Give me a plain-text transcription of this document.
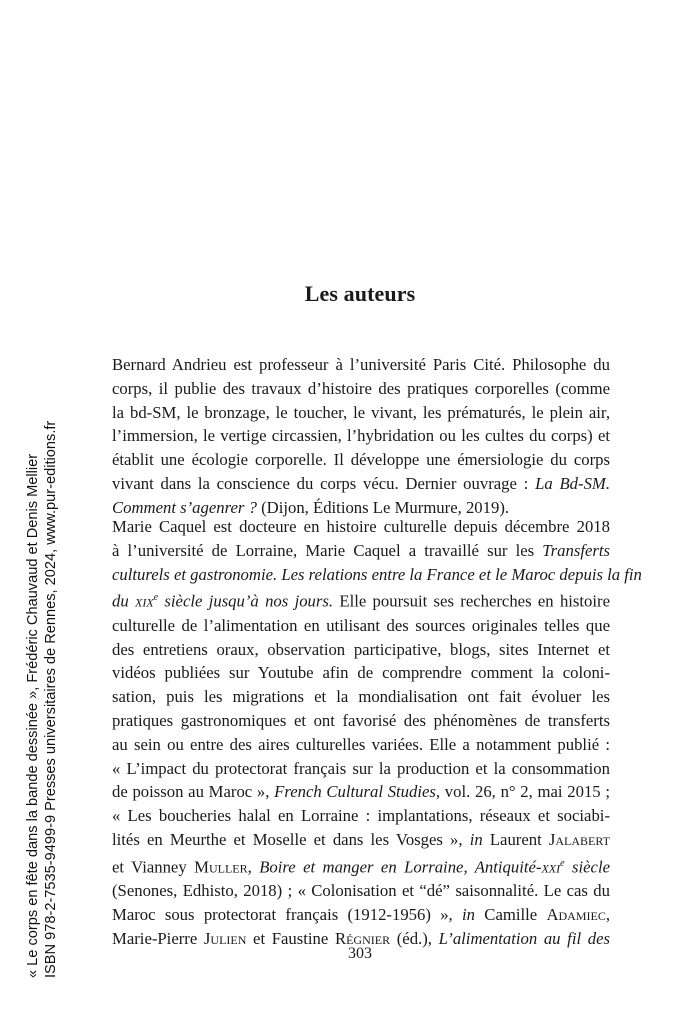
« Le corps en fête dans la bande dessinée », Frédéric Chauvaud et Denis Mellier ISBN 978-2-7535-9499-9 Presses universitaires de Rennes, 2024, www.pur-editions.fr
Les auteurs
Bernard Andrieu est professeur à l’université Paris Cité. Philosophe du
corps, il publie des travaux d’histoire des pratiques corporelles (comme
la bd-SM, le bronzage, le toucher, le vivant, les prématurés, le plein air,
l’immersion, le vertige circassien, l’hybridation ou les cultes du corps) et
établit une écologie corporelle. Il développe une émersiologie du corps
vivant dans la conscience du corps vécu. Dernier ouvrage : La Bd-SM.
Comment s’agenrer ? (Dijon, Éditions Le Murmure, 2019).
Marie Caquel est docteure en histoire culturelle depuis décembre 2018
à l’université de Lorraine, Marie Caquel a travaillé sur les Transferts
culturels et gastronomie. Les relations entre la France et le Maroc depuis la fin
du xix$^e$ siècle jusqu’à nos jours. Elle poursuit ses recherches en histoire
culturelle de l’alimentation en utilisant des sources originales telles que
des entretiens oraux, observation participative, blogs, sites Internet et
vidéos publiées sur Youtube afin de comprendre comment la coloni-
sation, puis les migrations et la mondialisation ont fait évoluer les
pratiques gastronomiques et ont favorisé des phénomènes de transferts
au sein ou entre des aires culturelles variées. Elle a notamment publié :
« L’impact du protectorat français sur la production et la consommation
de poisson au Maroc », French Cultural Studies, vol. 26, n° 2, mai 2015 ;
« Les boucheries halal en Lorraine : implantations, réseaux et sociabi-
lités en Meurthe et Moselle et dans les Vosges », in Laurent Jalabert
et Vianney Muller, Boire et manger en Lorraine, Antiquité-xxi$^e$ siècle
(Senones, Edhisto, 2018) ; « Colonisation et “dé” saisonnalité. Le cas du
Maroc sous protectorat français (1912-1956) », in Camille Adamiec,
Marie-Pierre Julien et Faustine Régnier (éd.), L’alimentation au fil des
303
